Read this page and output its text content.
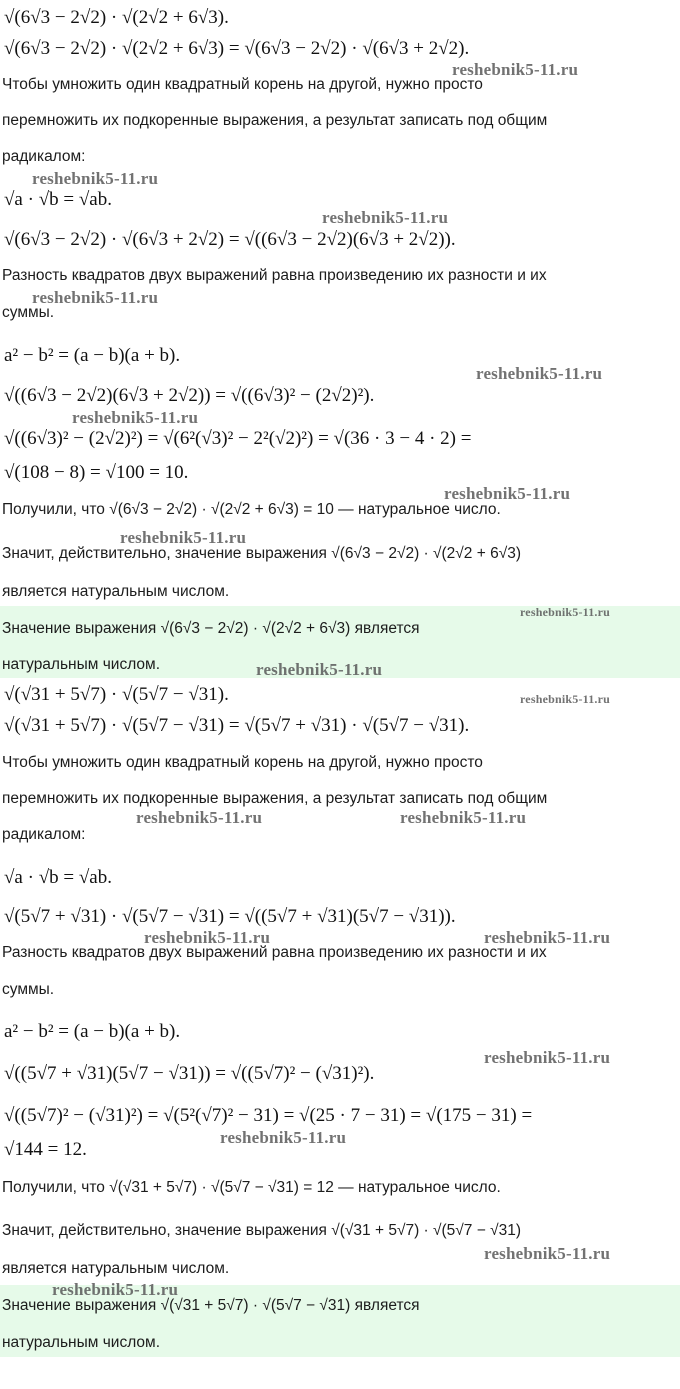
√(6√3 − 2√2) · √(2√2 + 6√3).
√(6√3 − 2√2) · √(2√2 + 6√3) = √(6√3 − 2√2) · √(6√3 + 2√2).
Чтобы умножить один квадратный корень на другой, нужно просто
перемножить их подкоренные выражения, а результат записать под общим
радикалом:
√a · √b = √ab.
√(6√3 − 2√2) · √(6√3 + 2√2) = √((6√3 − 2√2)(6√3 + 2√2)).
Разность квадратов двух выражений равна произведению их разности и их
суммы.
a² − b² = (a − b)(a + b).
√((6√3 − 2√2)(6√3 + 2√2)) = √((6√3)² − (2√2)²).
√((6√3)² − (2√2)²) = √(6²(√3)² − 2²(√2)²) = √(36 · 3 − 4 · 2) =
√(108 − 8) = √100 = 10.
Получили, что √(6√3 − 2√2) · √(2√2 + 6√3) = 10 — натуральное число.
Значит, действительно, значение выражения √(6√3 − 2√2) · √(2√2 + 6√3)
является натуральным числом.
Значение выражения √(6√3 − 2√2) · √(2√2 + 6√3) является
натуральным числом.
√(√31 + 5√7) · √(5√7 − √31).
√(√31 + 5√7) · √(5√7 − √31) = √(5√7 + √31) · √(5√7 − √31).
Чтобы умножить один квадратный корень на другой, нужно просто
перемножить их подкоренные выражения, а результат записать под общим
радикалом:
√a · √b = √ab.
√(5√7 + √31) · √(5√7 − √31) = √((5√7 + √31)(5√7 − √31)).
Разность квадратов двух выражений равна произведению их разности и их
суммы.
a² − b² = (a − b)(a + b).
√((5√7 + √31)(5√7 − √31)) = √((5√7)² − (√31)²).
√((5√7)² − (√31)²) = √(5²(√7)² − 31) = √(25 · 7 − 31) = √(175 − 31) =
√144 = 12.
Получили, что √(√31 + 5√7) · √(5√7 − √31) = 12 — натуральное число.
Значит, действительно, значение выражения √(√31 + 5√7) · √(5√7 − √31)
является натуральным числом.
Значение выражения √(√31 + 5√7) · √(5√7 − √31) является
натуральным числом.
reshebnik5-11.ru
reshebnik5-11.ru
reshebnik5-11.ru
reshebnik5-11.ru
reshebnik5-11.ru
reshebnik5-11.ru
reshebnik5-11.ru
reshebnik5-11.ru
reshebnik5-11.ru
reshebnik5-11.ru
reshebnik5-11.ru
reshebnik5-11.ru	reshebnik5-11.ru
reshebnik5-11.ru	reshebnik5-11.ru
reshebnik5-11.ru
reshebnik5-11.ru
reshebnik5-11.ru
reshebnik5-11.ru
